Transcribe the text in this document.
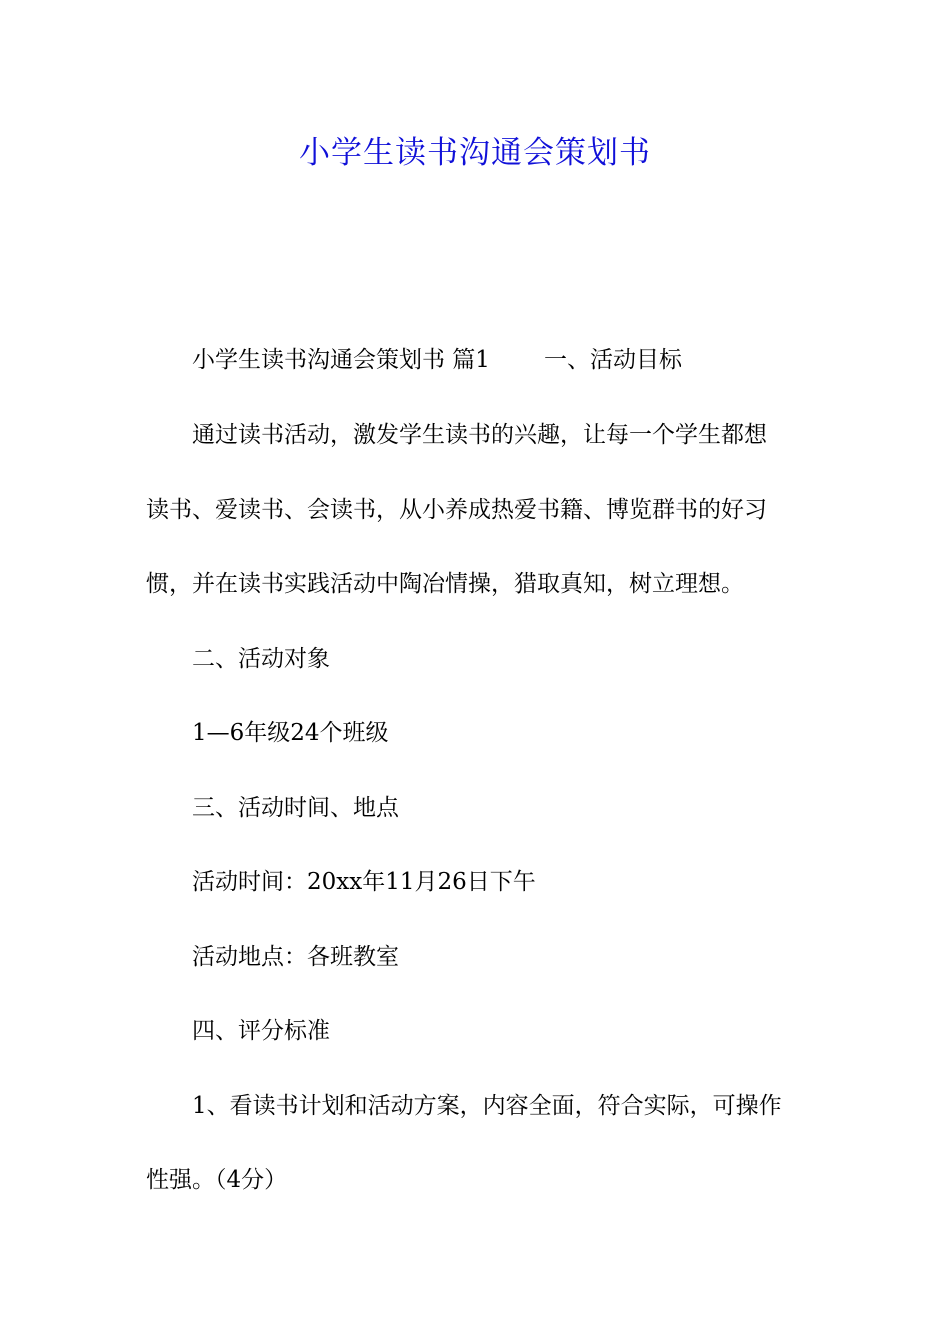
小学生读书沟通会策划书
小学生读书沟通会策划书 篇1 一、活动目标
通过读书活动，激发学生读书的兴趣，让每一个学生都想
读书、爱读书、会读书，从小养成热爱书籍、博览群书的好习
惯，并在读书实践活动中陶冶情操，猎取真知，树立理想。
二、活动对象
1—6年级24个班级
三、活动时间、地点
活动时间：20xx年11月26日下午
活动地点：各班教室
四、评分标准
1、看读书计划和活动方案，内容全面，符合实际，可操作
性强。（4分）
